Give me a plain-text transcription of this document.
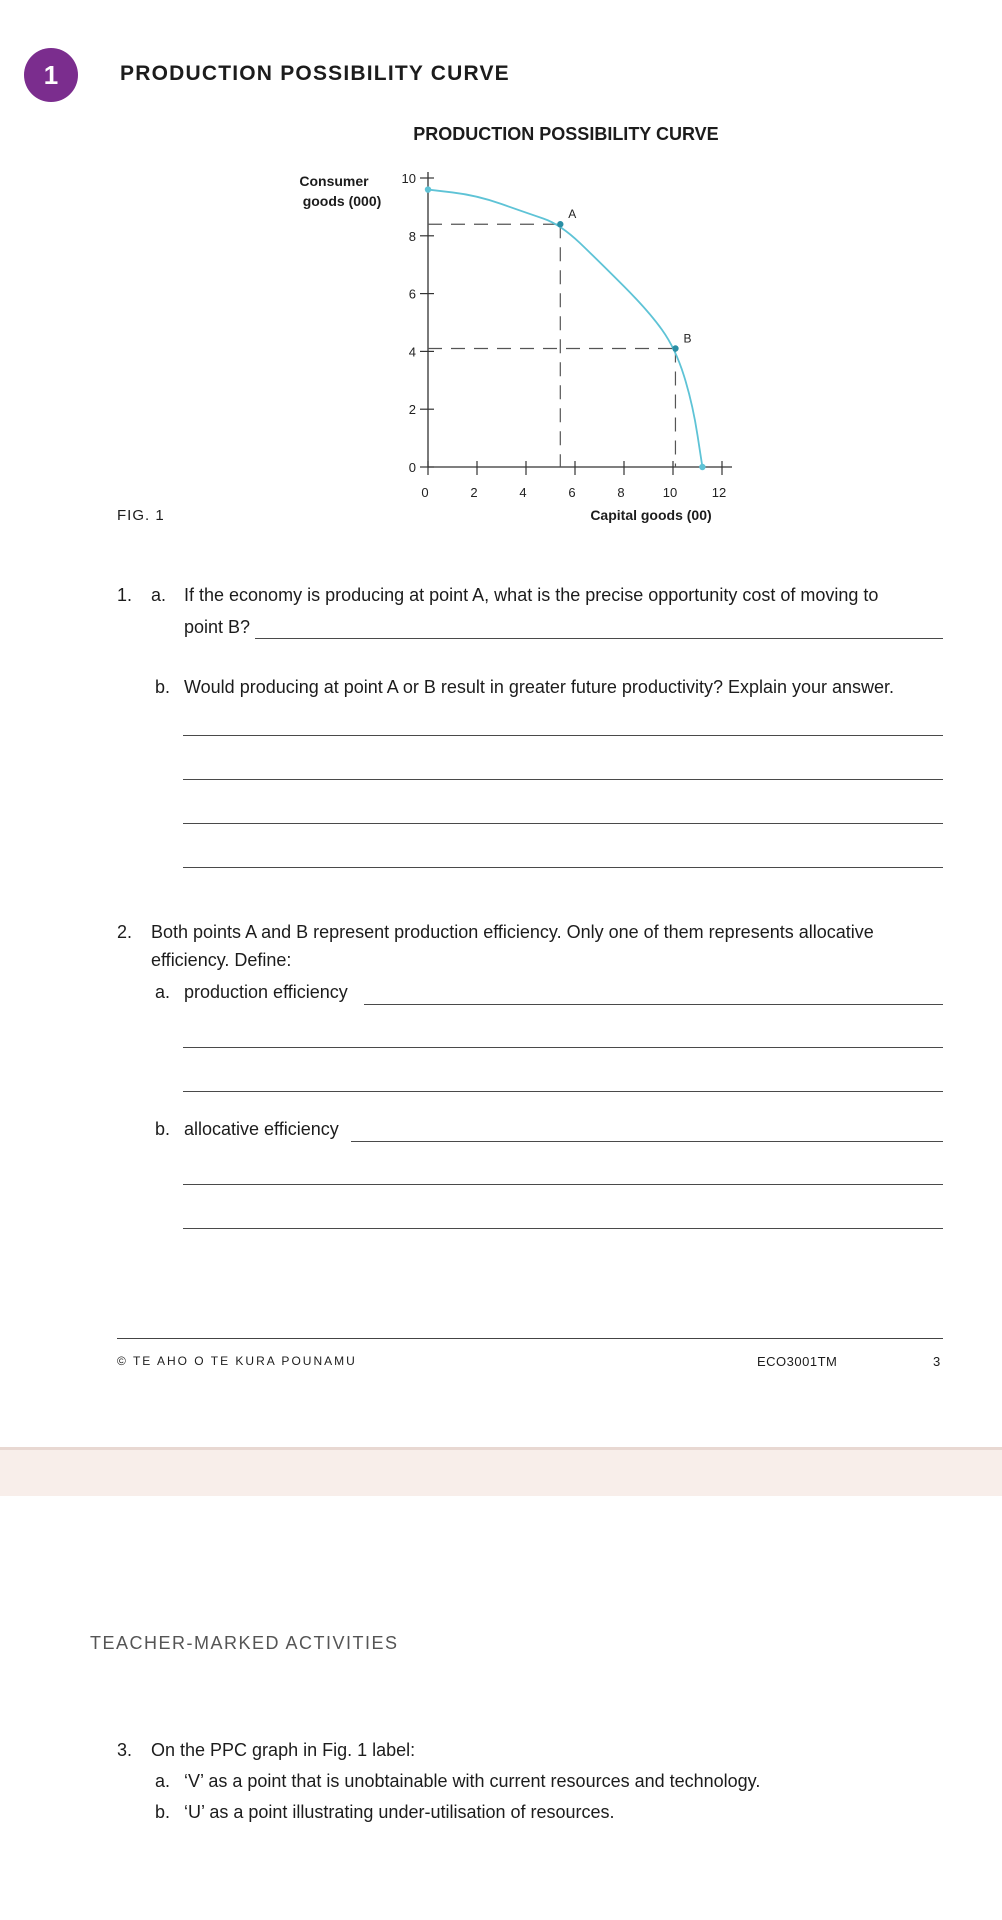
1	PRODUCTION POSSIBILITY CURVE
PRODUCTION POSSIBILITY CURVE
Consumer
goods (000)
Capital goods (00)
0
2
4
6
8
10
0	2	4	6	8	10	12
A
B
FIG. 1
1. a. If the economy is producing at point A, what is the precise opportunity cost of moving to
point B?
b. Would producing at point A or B result in greater future productivity? Explain your answer.
2. Both points A and B represent production efficiency. Only one of them represents allocative
efficiency. Define:
a. production efficiency
b. allocative efficiency
© TE AHO O TE KURA POUNAMU	ECO3001TM	3
TEACHER-MARKED ACTIVITIES
3. On the PPC graph in Fig. 1 label:
a. ‘V’ as a point that is unobtainable with current resources and technology.
b. ‘U’ as a point illustrating under-utilisation of resources.
